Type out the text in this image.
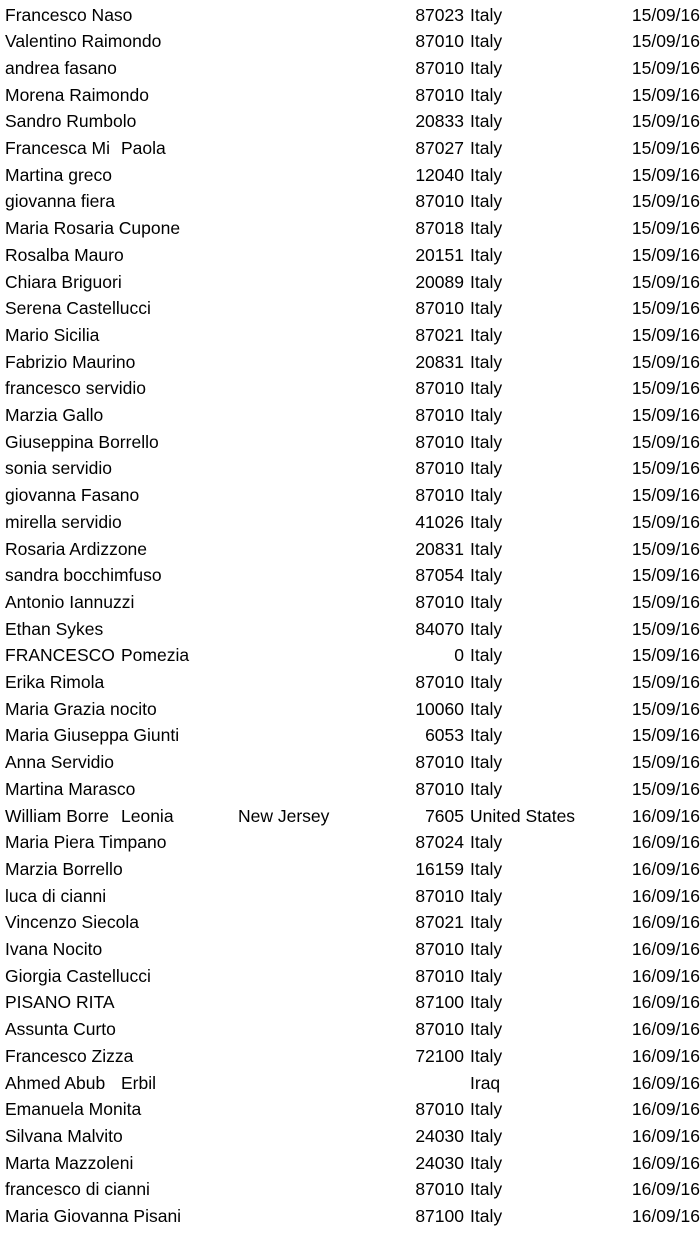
Francesco Naso	87023 Italy	15/09/16
Valentino Raimondo	87010 Italy	15/09/16
andrea fasano	87010 Italy	15/09/16
Morena Raimondo	87010 Italy	15/09/16
Sandro Rumbolo	20833 Italy	15/09/16
Francesca Mi Paola	87027 Italy	15/09/16
Martina greco	12040 Italy	15/09/16
giovanna fiera	87010 Italy	15/09/16
Maria Rosaria Cupone	87018 Italy	15/09/16
Rosalba Mauro	20151 Italy	15/09/16
Chiara Briguori	20089 Italy	15/09/16
Serena Castellucci	87010 Italy	15/09/16
Mario Sicilia	87021 Italy	15/09/16
Fabrizio Maurino	20831 Italy	15/09/16
francesco servidio	87010 Italy	15/09/16
Marzia Gallo	87010 Italy	15/09/16
Giuseppina Borrello	87010 Italy	15/09/16
sonia servidio	87010 Italy	15/09/16
giovanna Fasano	87010 Italy	15/09/16
mirella servidio	41026 Italy	15/09/16
Rosaria Ardizzone	20831 Italy	15/09/16
sandra bocchimfuso	87054 Italy	15/09/16
Antonio Iannuzzi	87010 Italy	15/09/16
Ethan Sykes	84070 Italy	15/09/16
FRANCESCO Pomezia	0 Italy	15/09/16
Erika Rimola	87010 Italy	15/09/16
Maria Grazia nocito	10060 Italy	15/09/16
Maria Giuseppa Giunti	6053 Italy	15/09/16
Anna Servidio	87010 Italy	15/09/16
Martina Marasco	87010 Italy	15/09/16
William Borre Leonia	New Jersey	7605 United States	16/09/16
Maria Piera Timpano	87024 Italy	16/09/16
Marzia Borrello	16159 Italy	16/09/16
luca di cianni	87010 Italy	16/09/16
Vincenzo Siecola	87021 Italy	16/09/16
Ivana Nocito	87010 Italy	16/09/16
Giorgia Castellucci	87010 Italy	16/09/16
PISANO RITA	87100 Italy	16/09/16
Assunta Curto	87010 Italy	16/09/16
Francesco Zizza	72100 Italy	16/09/16
Ahmed Abub Erbil	Iraq	16/09/16
Emanuela Monita	87010 Italy	16/09/16
Silvana Malvito	24030 Italy	16/09/16
Marta Mazzoleni	24030 Italy	16/09/16
francesco di cianni	87010 Italy	16/09/16
Maria Giovanna Pisani	87100 Italy	16/09/16
